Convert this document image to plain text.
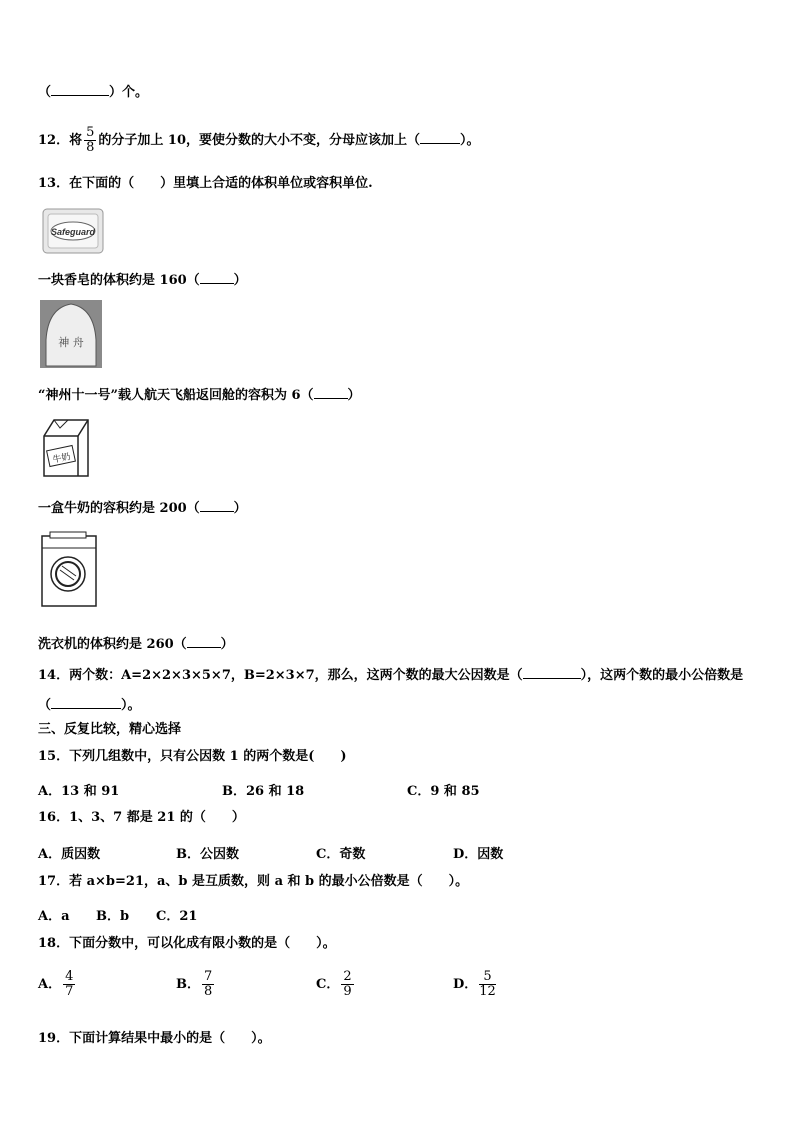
（	）个。
12．将 $\frac{5}{8}$ 的分子加上 10，要使分数的大小不变，分母应该加上（	）。
13．在下面的（　　）里填上合适的体积单位或容积单位.
Safeguard
一块香皂的体积约是 160（	）
神 舟
“神州十一号”载人航天飞船返回舱的容积为 6（	）
牛奶
一盒牛奶的容积约是 200（	）
洗衣机的体积约是 260（	）
14．两个数：A=2×2×3×5×7，B=2×3×7，那么，这两个数的最大公因数是（	），这两个数的最小公倍数是
（	）。
三、反复比较，精心选择
15．下列几组数中，只有公因数 1 的两个数是(　　)
A．13 和 91	B．26 和 18	C．9 和 85
16．1、3、7 都是 21 的（　　）
A．质因数	B．公因数	C．奇数	D．因数
17．若 a×b=21，a、b 是互质数，则 a 和 b 的最小公倍数是（　　）。
A．a B．b C．21
18．下面分数中，可以化成有限小数的是（　　）。
A． $\frac{4}{7}$	B． $\frac{7}{8}$	C． $\frac{2}{9}$	D． $\frac{5}{12}$
19．下面计算结果中最小的是（　　）。
